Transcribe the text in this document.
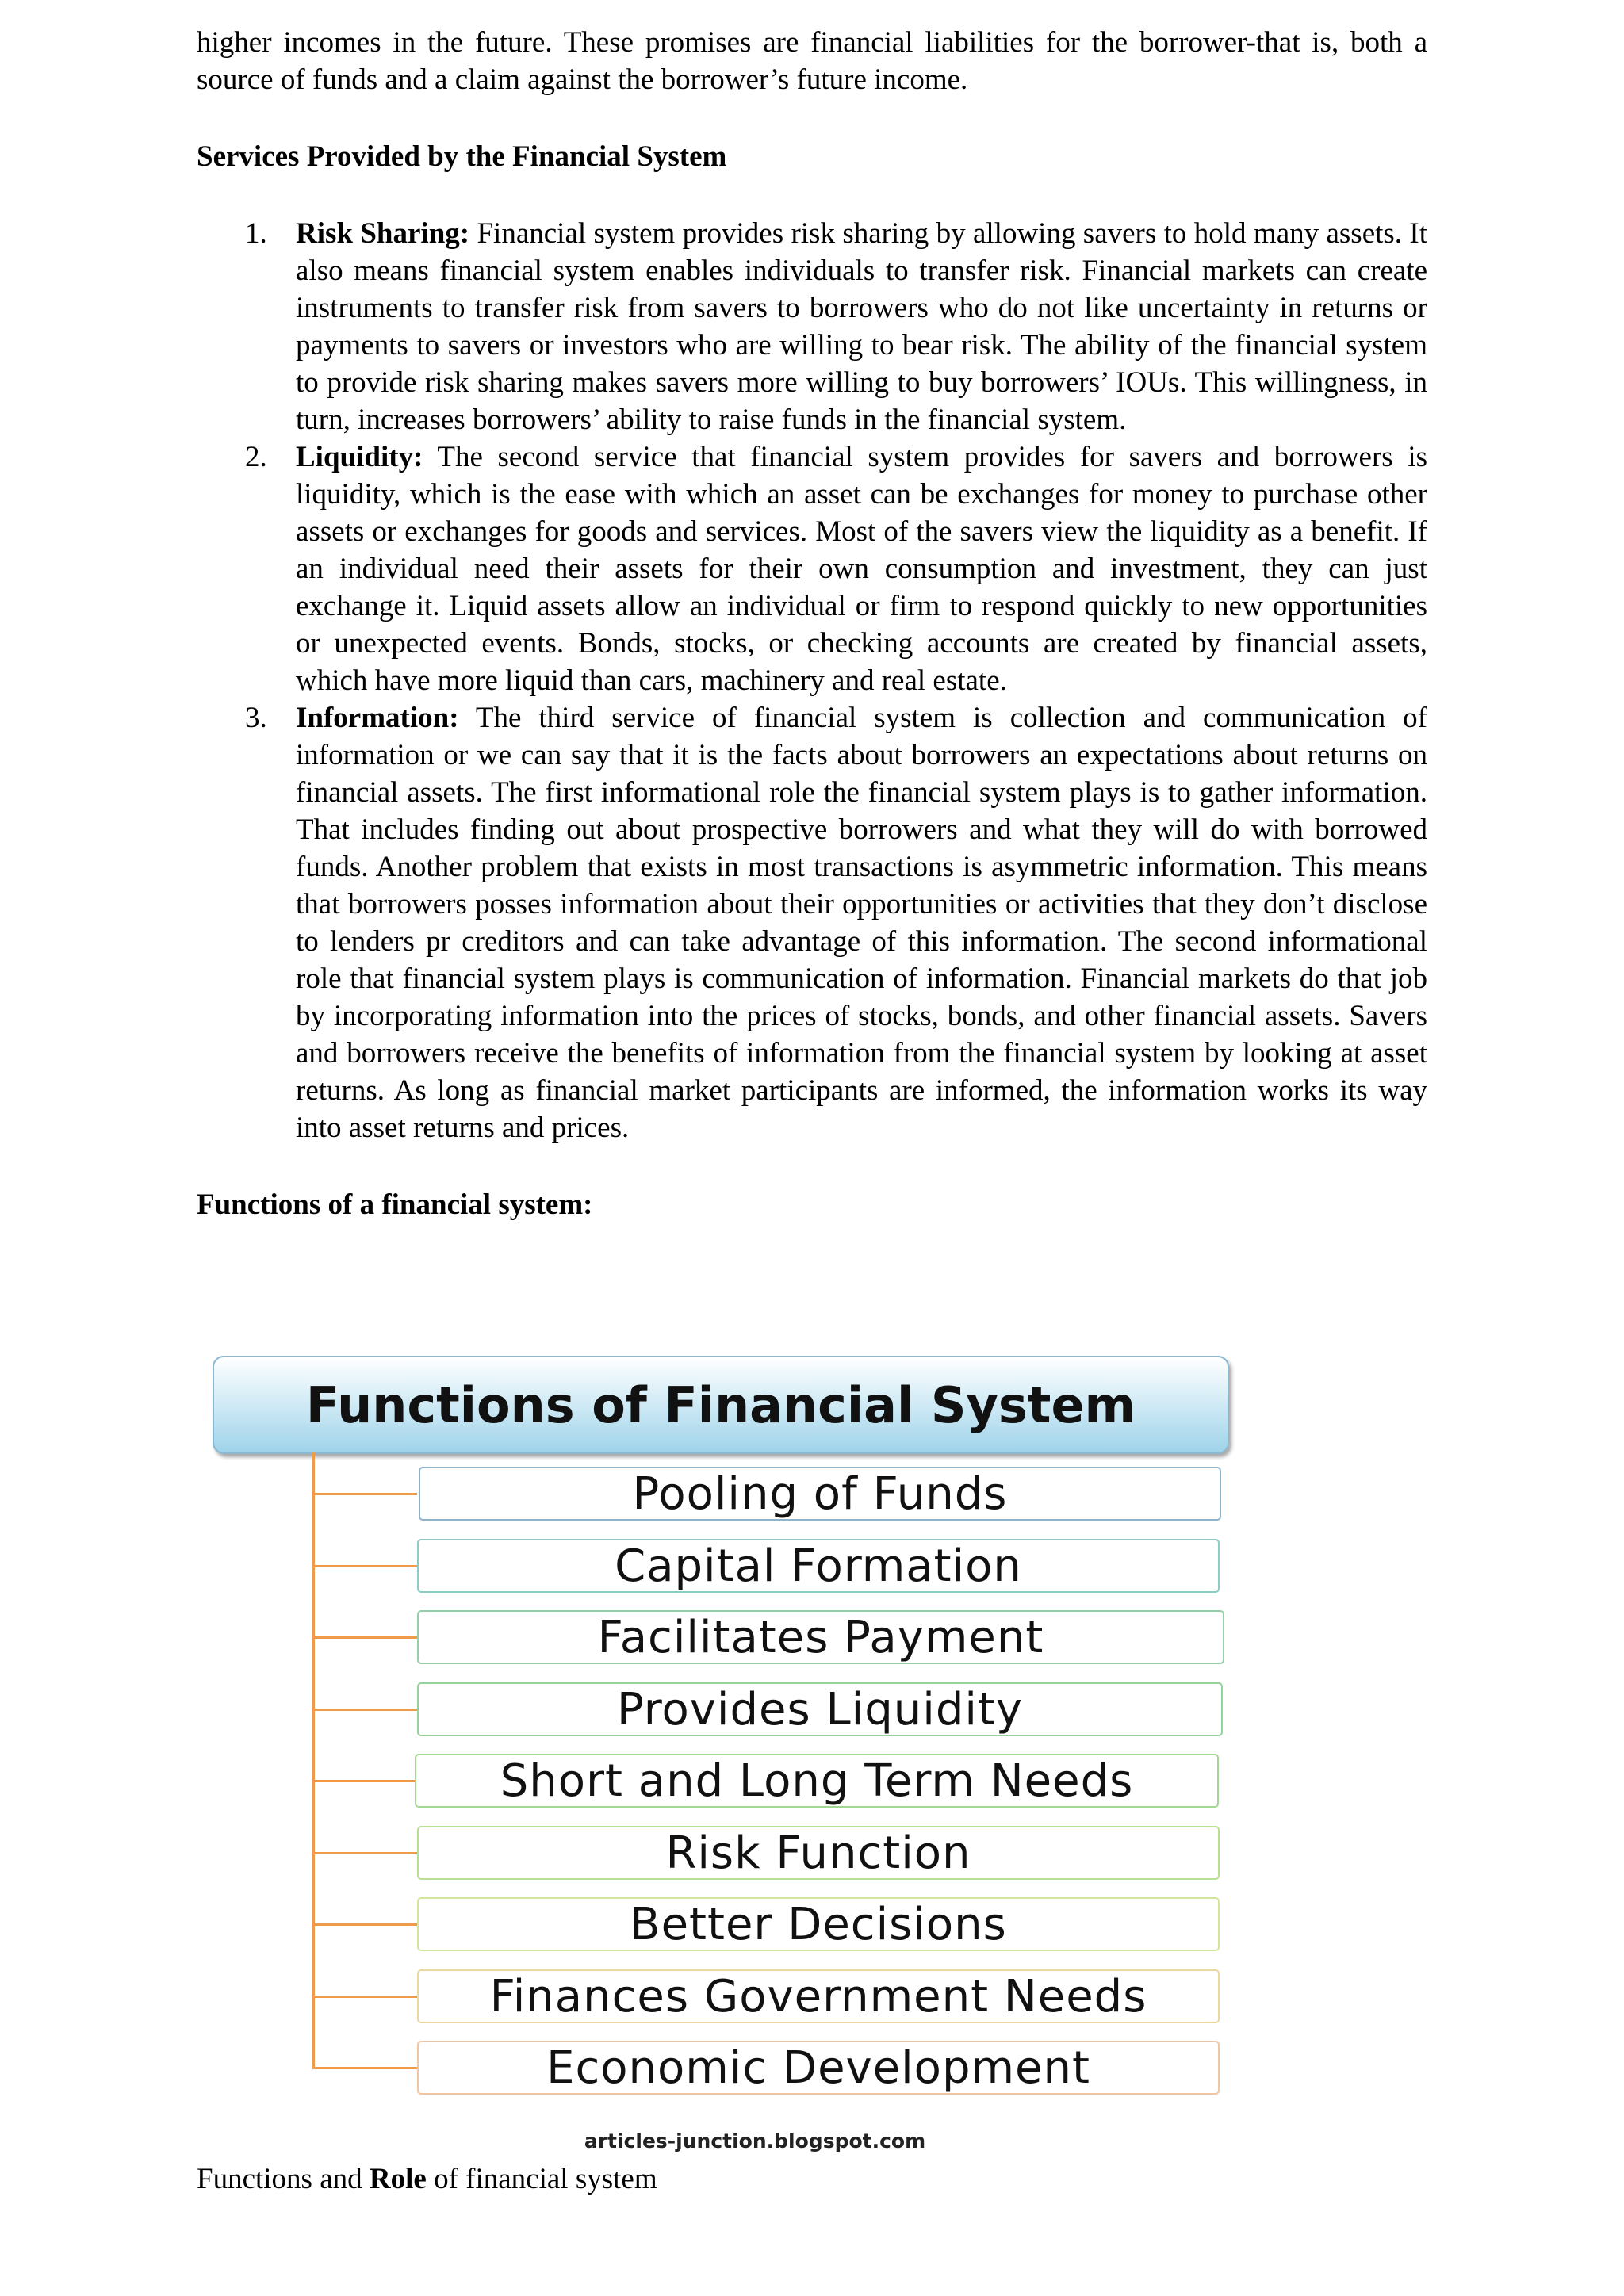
higher incomes in the future. These promises are financial liabilities for the borrower-that is, both a source of funds and a claim against the borrower’s future income.

Services Provided by the Financial System

1. Risk Sharing: Financial system provides risk sharing by allowing savers to hold many assets. It also means financial system enables individuals to transfer risk. Financial markets can create instruments to transfer risk from savers to borrowers who do not like uncertainty in returns or payments to savers or investors who are willing to bear risk. The ability of the financial system to provide risk sharing makes savers more willing to buy borrowers’ IOUs. This willingness, in turn, increases borrowers’ ability to raise funds in the financial system.
2. Liquidity: The second service that financial system provides for savers and borrowers is liquidity, which is the ease with which an asset can be exchanges for money to purchase other assets or exchanges for goods and services. Most of the savers view the liquidity as a benefit. If an individual need their assets for their own consumption and investment, they can just exchange it. Liquid assets allow an individual or firm to respond quickly to new opportunities or unexpected events. Bonds, stocks, or checking accounts are created by financial assets, which have more liquid than cars, machinery and real estate.
3. Information: The third service of financial system is collection and communication of information or we can say that it is the facts about borrowers an expectations about returns on financial assets. The first informational role the financial system plays is to gather information. That includes finding out about prospective borrowers and what they will do with borrowed funds. Another problem that exists in most transactions is asymmetric information. This means that borrowers posses information about their opportunities or activities that they don’t disclose to lenders pr creditors and can take advantage of this information. The second informational role that financial system plays is communication of information. Financial markets do that job by incorporating information into the prices of stocks, bonds, and other financial assets. Savers and borrowers receive the benefits of information from the financial system by looking at asset returns. As long as financial market participants are informed, the information works its way into asset returns and prices.

Functions of a financial system:

Functions of Financial System
Pooling of Funds
Capital Formation
Facilitates Payment
Provides Liquidity
Short and Long Term Needs
Risk Function
Better Decisions
Finances Government Needs
Economic Development
articles-junction.blogspot.com
Functions and Role of financial system
